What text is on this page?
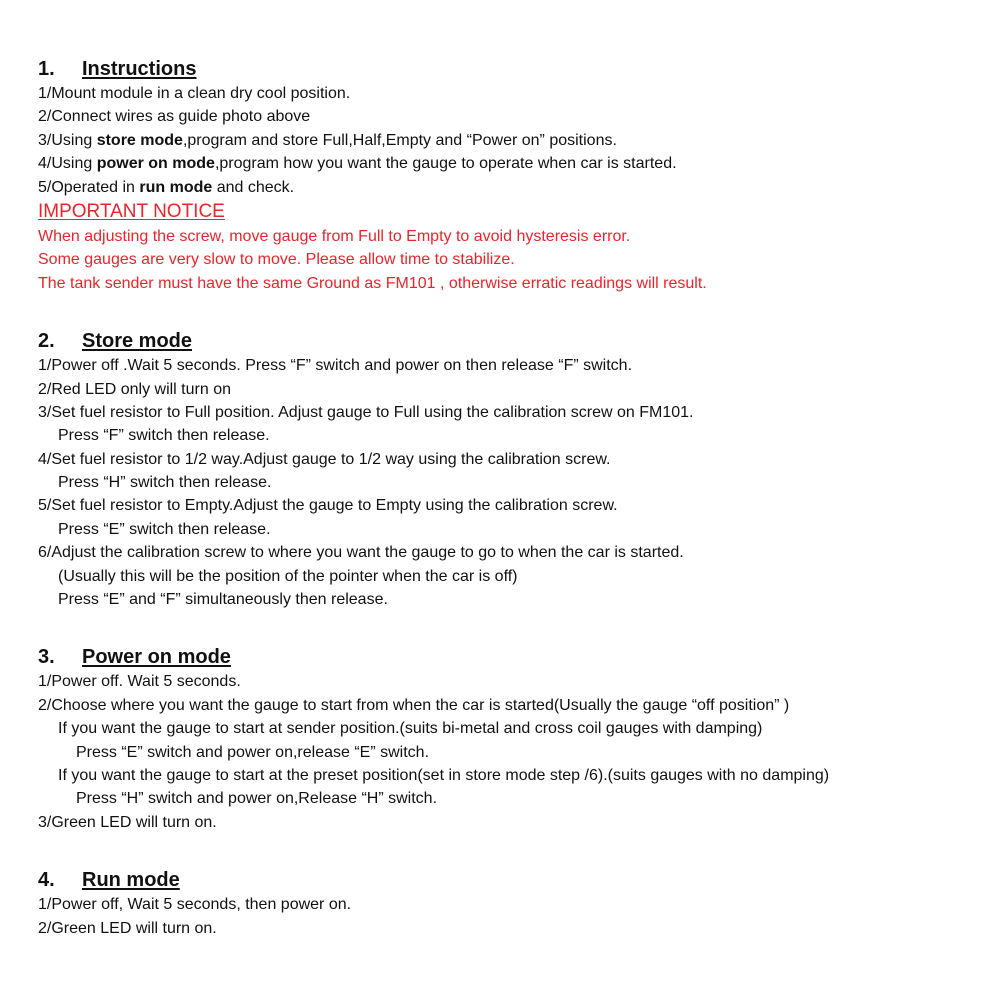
1.	Instructions
1/Mount module in a clean dry cool position.
2/Connect wires as guide photo above
3/Using store mode,program and store Full,Half,Empty and “Power on” positions.
4/Using power on mode,program how you want the gauge to operate when car is started.
5/Operated in run mode and check.
IMPORTANT NOTICE
When adjusting the screw, move gauge from Full to Empty to avoid hysteresis error.
Some gauges are very slow to move. Please allow time to stabilize.
The tank sender must have the same Ground as FM101 , otherwise erratic readings will result.
2.	Store mode
1/Power off .Wait 5 seconds. Press “F” switch and power on then release “F” switch.
2/Red LED only will turn on
3/Set fuel resistor to Full position. Adjust gauge to Full using the calibration screw on FM101.
Press “F” switch then release.
4/Set fuel resistor to 1/2 way.Adjust gauge to 1/2 way using the calibration screw.
Press “H” switch then release.
5/Set fuel resistor to Empty.Adjust the gauge to Empty using the calibration screw.
Press “E” switch then release.
6/Adjust the calibration screw to where you want the gauge to go to when the car is started.
(Usually this will be the position of the pointer when the car is off)
Press “E” and “F” simultaneously then release.
3.	Power on mode
1/Power off. Wait 5 seconds.
2/Choose where you want the gauge to start from when the car is started(Usually the gauge “off position” )
If you want the gauge to start at sender position.(suits bi-metal and cross coil gauges with damping)
Press “E” switch and power on,release “E” switch.
If you want the gauge to start at the preset position(set in store mode step /6).(suits gauges with no damping)
Press “H” switch and power on,Release “H” switch.
3/Green LED will turn on.
4.	Run mode
1/Power off, Wait 5 seconds, then power on.
2/Green LED will turn on.
